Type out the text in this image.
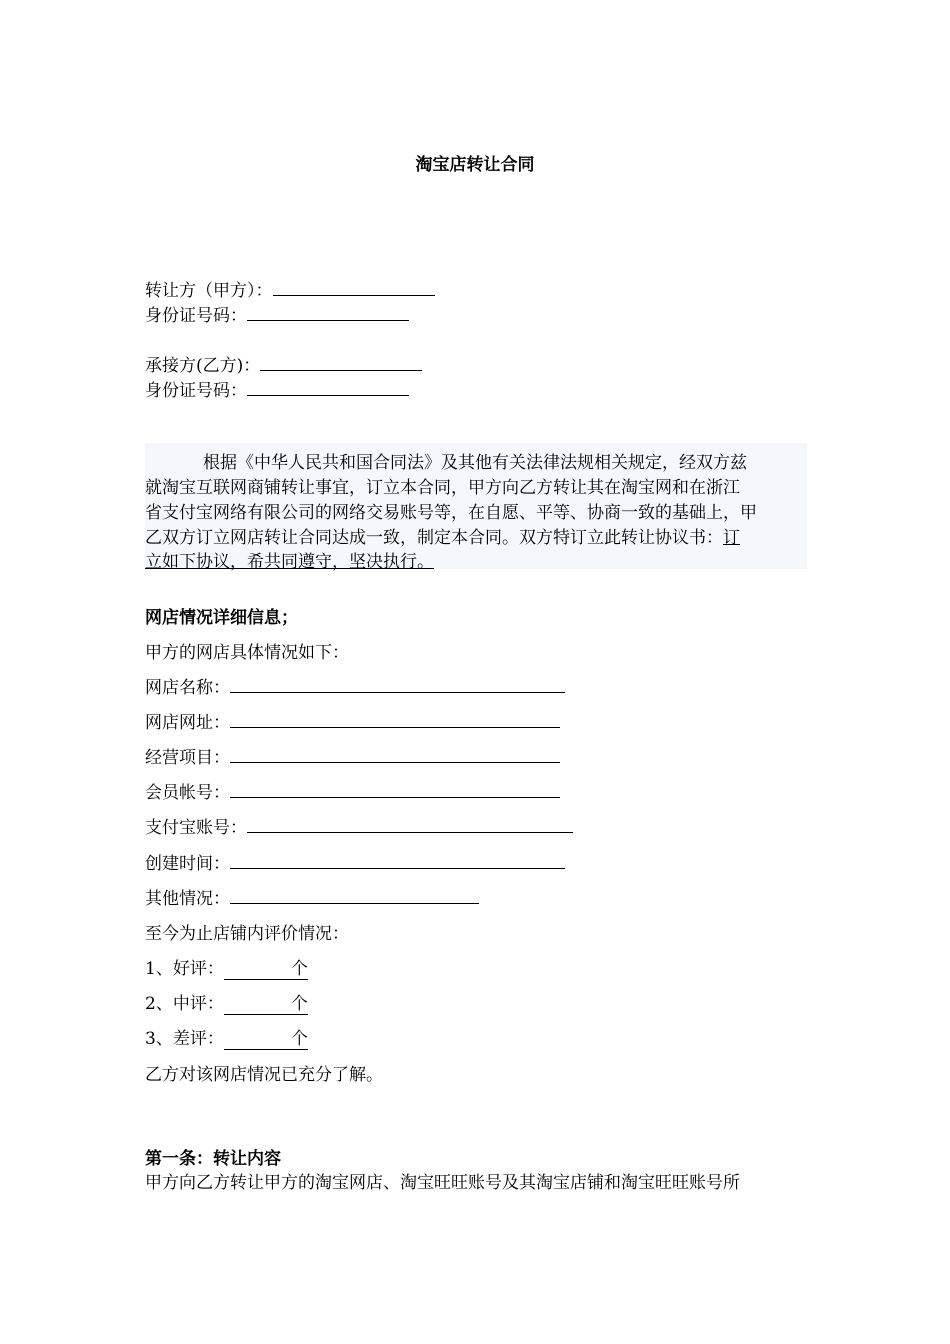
淘宝店转让合同
转让方（甲方）：
身份证号码：
承接方(乙方)：
身份证号码：
根据《中华人民共和国合同法》及其他有关法律法规相关规定，经双方兹
就淘宝互联网商铺转让事宜，订立本合同，甲方向乙方转让其在淘宝网和在浙江
省支付宝网络有限公司的网络交易账号等，在自愿、平等、协商一致的基础上，甲
乙双方订立网店转让合同达成一致，制定本合同。双方特订立此转让协议书：订
立如下协议，希共同遵守，坚决执行。
网店情况详细信息；
甲方的网店具体情况如下：
网店名称：
网店网址：
经营项目：
会员帐号：
支付宝账号：
创建时间：
其他情况：
至今为止店铺内评价情况：
1、好评：	个
2、中评：	个
3、差评：	个
乙方对该网店情况已充分了解。
第一条：转让内容
甲方向乙方转让甲方的淘宝网店、淘宝旺旺账号及其淘宝店铺和淘宝旺旺账号所
